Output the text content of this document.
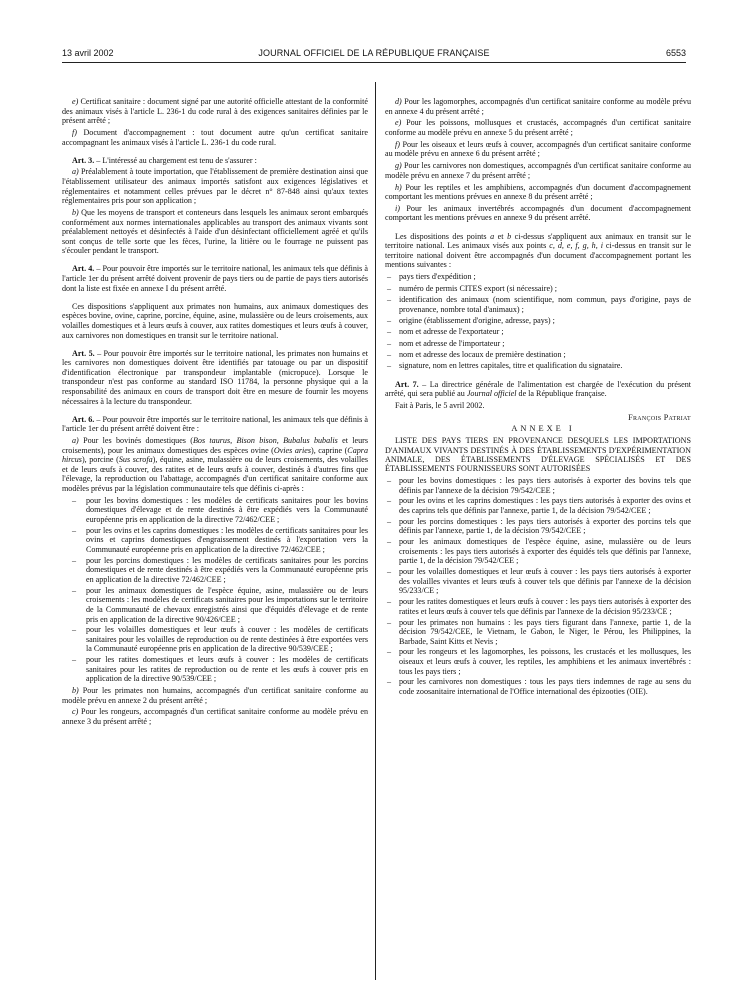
13 avril 2002	JOURNAL OFFICIEL DE LA RÉPUBLIQUE FRANÇAISE	6553

e) Certificat sanitaire : document signé par une autorité officielle attestant de la conformité des animaux visés à l'article L. 236-1 du code rural à des exigences sanitaires définies par le présent arrêté ;

f) Document d'accompagnement : tout document autre qu'un certificat sanitaire accompagnant les animaux visés à l'article L. 236-1 du code rural.

Art. 3. – L'intéressé au chargement est tenu de s'assurer :

a) Préalablement à toute importation, que l'établissement de première destination ainsi que l'établissement utilisateur des animaux importés satisfont aux exigences législatives et réglementaires et notamment celles prévues par le décret n° 87-848 ainsi qu'aux textes réglementaires pris pour son application ;

b) Que les moyens de transport et conteneurs dans lesquels les animaux seront embarqués conformément aux normes internationales applicables au transport des animaux vivants sont préalablement nettoyés et désinfectés à l'aide d'un désinfectant officiellement agréé et qu'ils sont conçus de telle sorte que les fèces, l'urine, la litière ou le fourrage ne puissent pas s'écouler pendant le transport.

Art. 4. – Pour pouvoir être importés sur le territoire national, les animaux tels que définis à l'article 1er du présent arrêté doivent provenir de pays tiers ou de partie de pays tiers autorisés dont la liste est fixée en annexe I du présent arrêté.

Ces dispositions s'appliquent aux primates non humains, aux animaux domestiques des espèces bovine, ovine, caprine, porcine, équine, asine, mulassière ou de leurs croisements, aux volailles domestiques et à leurs œufs à couver, aux ratites domestiques et leurs œufs à couver, aux carnivores non domestiques en transit sur le territoire national.

Art. 5. – Pour pouvoir être importés sur le territoire national, les primates non humains et les carnivores non domestiques doivent être identifiés par tatouage ou par un dispositif d'identification électronique par transpondeur implantable (micropuce). Lorsque le transpondeur n'est pas conforme au standard ISO 11784, la personne physique qui a la responsabilité des animaux en cours de transport doit être en mesure de fournir les moyens nécessaires à la lecture du transpondeur.

Art. 6. – Pour pouvoir être importés sur le territoire national, les animaux tels que définis à l'article 1er du présent arrêté doivent être :

a) Pour les bovinés domestiques (Bos taurus, Bison bison, Bubalus bubalis et leurs croisements), pour les animaux domestiques des espèces ovine (Ovies aries), caprine (Capra hircus), porcine (Sus scrofa), équine, asine, mulassière ou de leurs croisements, des volailles et de leurs œufs à couver, des ratites et de leurs œufs à couver, destinés à d'autres fins que l'élevage, la reproduction ou l'abattage, accompagnés d'un certificat sanitaire conforme aux modèles prévus par la législation communautaire tels que définis ci-après :

– pour les bovins domestiques : les modèles de certificats sanitaires pour les bovins domestiques d'élevage et de rente destinés à être expédiés vers la Communauté européenne pris en application de la directive 72/462/CEE ;
– pour les ovins et les caprins domestiques : les modèles de certificats sanitaires pour les ovins et caprins domestiques d'engraissement destinés à l'exportation vers la Communauté européenne pris en application de la directive 72/462/CEE ;
– pour les porcins domestiques : les modèles de certificats sanitaires pour les porcins domestiques et de rente destinés à être expédiés vers la Communauté européenne pris en application de la directive 72/462/CEE ;
– pour les animaux domestiques de l'espèce équine, asine, mulassière ou de leurs croisements : les modèles de certificats sanitaires pour les importations sur le territoire de la Communauté de chevaux enregistrés ainsi que d'équidés d'élevage et de rente pris en application de la directive 90/426/CEE ;
– pour les volailles domestiques et leur œufs à couver : les modèles de certificats sanitaires pour les volailles de reproduction ou de rente destinées à être exportées vers la Communauté européenne pris en application de la directive 90/539/CEE ;
– pour les ratites domestiques et leurs œufs à couver : les modèles de certificats sanitaires pour les ratites de reproduction ou de rente et les œufs à couver pris en application de la directive 90/539/CEE ;

b) Pour les primates non humains, accompagnés d'un certificat sanitaire conforme au modèle prévu en annexe 2 du présent arrêté ;

c) Pour les rongeurs, accompagnés d'un certificat sanitaire conforme au modèle prévu en annexe 3 du présent arrêté ;

d) Pour les lagomorphes, accompagnés d'un certificat sanitaire conforme au modèle prévu en annexe 4 du présent arrêté ;

e) Pour les poissons, mollusques et crustacés, accompagnés d'un certificat sanitaire conforme au modèle prévu en annexe 5 du présent arrêté ;

f) Pour les oiseaux et leurs œufs à couver, accompagnés d'un certificat sanitaire conforme au modèle prévu en annexe 6 du présent arrêté ;

g) Pour les carnivores non domestiques, accompagnés d'un certificat sanitaire conforme au modèle prévu en annexe 7 du présent arrêté ;

h) Pour les reptiles et les amphibiens, accompagnés d'un document d'accompagnement comportant les mentions prévues en annexe 8 du présent arrêté ;

i) Pour les animaux invertébrés accompagnés d'un document d'accompagnement comportant les mentions prévues en annexe 9 du présent arrêté.

Les dispositions des points a et b ci-dessus s'appliquent aux animaux en transit sur le territoire national. Les animaux visés aux points c, d, e, f, g, h, i ci-dessus en transit sur le territoire national doivent être accompagnés d'un document d'accompagnement portant les mentions suivantes :

– pays tiers d'expédition ;
– numéro de permis CITES export (si nécessaire) ;
– identification des animaux (nom scientifique, nom commun, pays d'origine, pays de provenance, nombre total d'animaux) ;
– origine (établissement d'origine, adresse, pays) ;
– nom et adresse de l'exportateur ;
– nom et adresse de l'importateur ;
– nom et adresse des locaux de première destination ;
– signature, nom en lettres capitales, titre et qualification du signataire.

Art. 7. – La directrice générale de l'alimentation est chargée de l'exécution du présent arrêté, qui sera publié au Journal officiel de la République française.

Fait à Paris, le 5 avril 2002.

François Patriat

ANNEXE I

LISTE DES PAYS TIERS EN PROVENANCE DESQUELS LES IMPORTATIONS D'ANIMAUX VIVANTS DESTINÉS À DES ÉTABLISSEMENTS D'EXPÉRIMENTATION ANIMALE, DES ÉTABLISSEMENTS D'ÉLEVAGE SPÉCIALISÉS ET DES ÉTABLISSEMENTS FOURNISSEURS SONT AUTORISÉES

– pour les bovins domestiques : les pays tiers autorisés à exporter des bovins tels que définis par l'annexe de la décision 79/542/CEE ;
– pour les ovins et les caprins domestiques : les pays tiers autorisés à exporter des ovins et des caprins tels que définis par l'annexe, partie 1, de la décision 79/542/CEE ;
– pour les porcins domestiques : les pays tiers autorisés à exporter des porcins tels que définis par l'annexe, partie 1, de la décision 79/542/CEE ;
– pour les animaux domestiques de l'espèce équine, asine, mulassière ou de leurs croisements : les pays tiers autorisés à exporter des équidés tels que définis par l'annexe, partie 1, de la décision 79/542/CEE ;
– pour les volailles domestiques et leur œufs à couver : les pays tiers autorisés à exporter des volailles vivantes et leurs œufs à couver tels que définis par l'annexe de la décision 95/233/CE ;
– pour les ratites domestiques et leurs œufs à couver : les pays tiers autorisés à exporter des ratites et leurs œufs à couver tels que définis par l'annexe de la décision 95/233/CE ;
– pour les primates non humains : les pays tiers figurant dans l'annexe, partie 1, de la décision 79/542/CEE, le Vietnam, le Gabon, le Niger, le Pérou, les Philippines, la Barbade, Saint Kitts et Nevis ;
– pour les rongeurs et les lagomorphes, les poissons, les crustacés et les mollusques, les oiseaux et leurs œufs à couver, les reptiles, les amphibiens et les animaux invertébrés : tous les pays tiers ;
– pour les carnivores non domestiques : tous les pays tiers indemnes de rage au sens du code zoosanitaire international de l'Office international des épizooties (OIE).
